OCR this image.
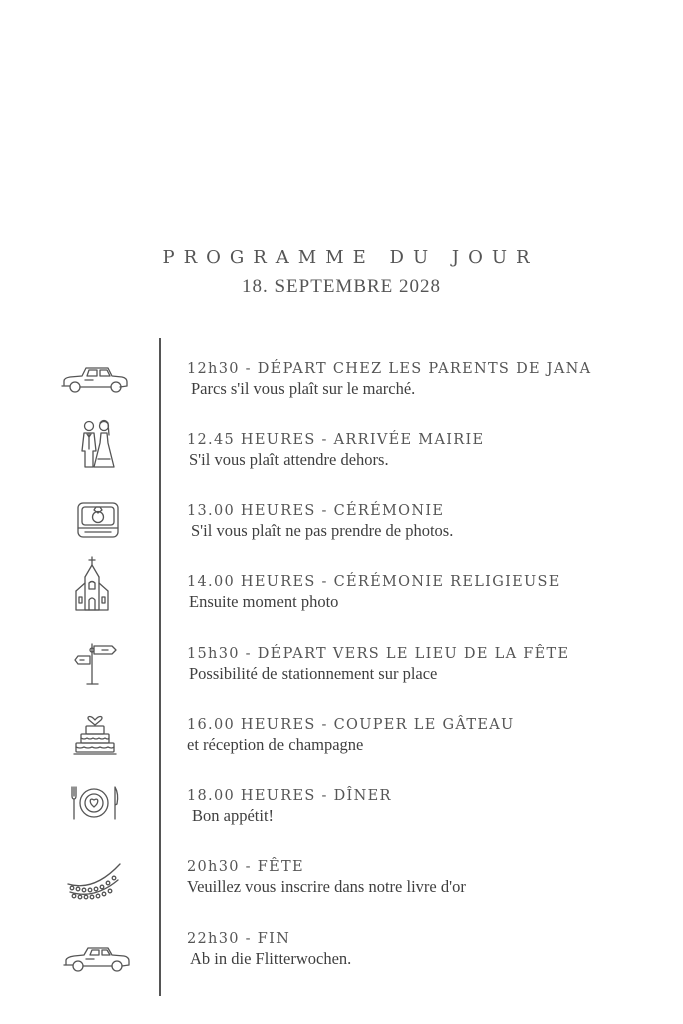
PROGRAMME DU JOUR
18. SEPTEMBRE 2028
12h30 - DÉPART CHEZ LES PARENTS DE JANA
Parcs s'il vous plaît sur le marché.
12.45 HEURES - ARRIVÉE MAIRIE
S'il vous plaît attendre dehors.
13.00 HEURES - CÉRÉMONIE
S'il vous plaît ne pas prendre de photos.
14.00 HEURES - CÉRÉMONIE RELIGIEUSE
Ensuite moment photo
15h30 - DÉPART VERS LE LIEU DE LA FÊTE
Possibilité de stationnement sur place
16.00 HEURES - COUPER LE GÂTEAU
et réception de champagne
18.00 HEURES - DÎNER
Bon appétit!
20h30 - FÊTE
Veuillez vous inscrire dans notre livre d'or
22h30 - FIN
Ab in die Flitterwochen.
